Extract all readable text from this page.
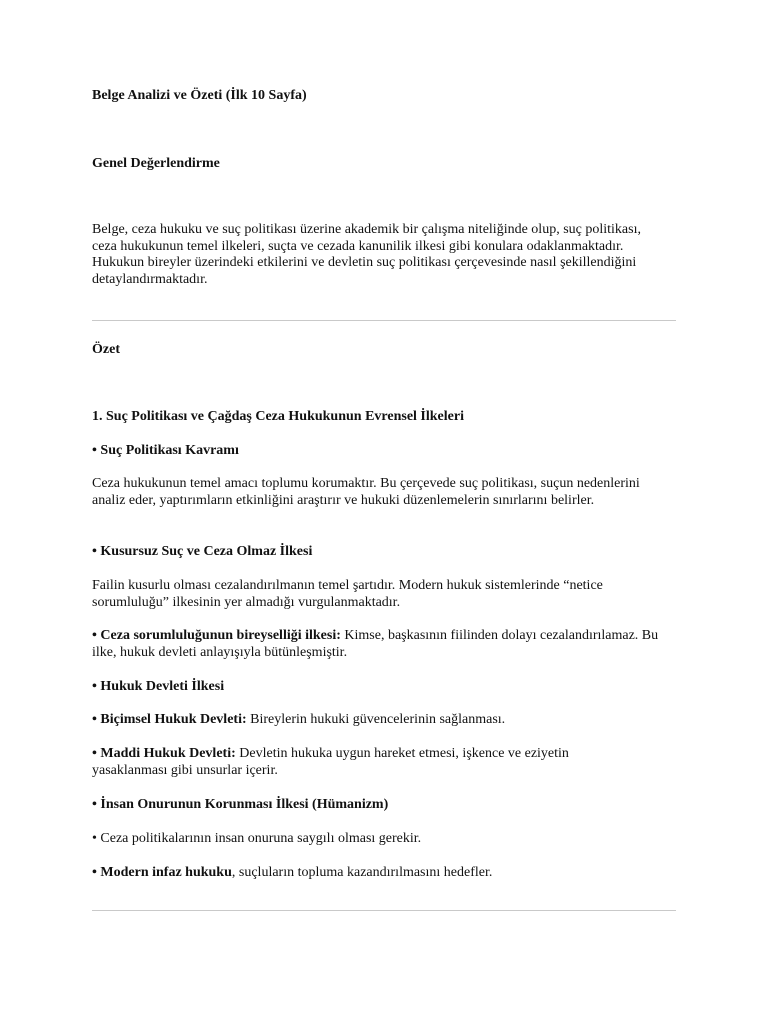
Belge Analizi ve Özeti (İlk 10 Sayfa)

Genel Değerlendirme

Belge, ceza hukuku ve suç politikası üzerine akademik bir çalışma niteliğinde olup, suç politikası, ceza hukukunun temel ilkeleri, suçta ve cezada kanunilik ilkesi gibi konulara odaklanmaktadır. Hukukun bireyler üzerindeki etkilerini ve devletin suç politikası çerçevesinde nasıl şekillendiğini detaylandırmaktadır.

Özet

1. Suç Politikası ve Çağdaş Ceza Hukukunun Evrensel İlkeleri

• Suç Politikası Kavramı

Ceza hukukunun temel amacı toplumu korumaktır. Bu çerçevede suç politikası, suçun nedenlerini analiz eder, yaptırımların etkinliğini araştırır ve hukuki düzenlemelerin sınırlarını belirler.

• Kusursuz Suç ve Ceza Olmaz İlkesi

Failin kusurlu olması cezalandırılmanın temel şartıdır. Modern hukuk sistemlerinde “netice sorumluluğu” ilkesinin yer almadığı vurgulanmaktadır.

• Ceza sorumluluğunun bireyselliği ilkesi: Kimse, başkasının fiilinden dolayı cezalandırılamaz. Bu ilke, hukuk devleti anlayışıyla bütünleşmiştir.

• Hukuk Devleti İlkesi

• Biçimsel Hukuk Devleti: Bireylerin hukuki güvencelerinin sağlanması.

• Maddi Hukuk Devleti: Devletin hukuka uygun hareket etmesi, işkence ve eziyetin yasaklanması gibi unsurlar içerir.

• İnsan Onurunun Korunması İlkesi (Hümanizm)

• Ceza politikalarının insan onuruna saygılı olması gerekir.

• Modern infaz hukuku, suçluların topluma kazandırılmasını hedefler.
